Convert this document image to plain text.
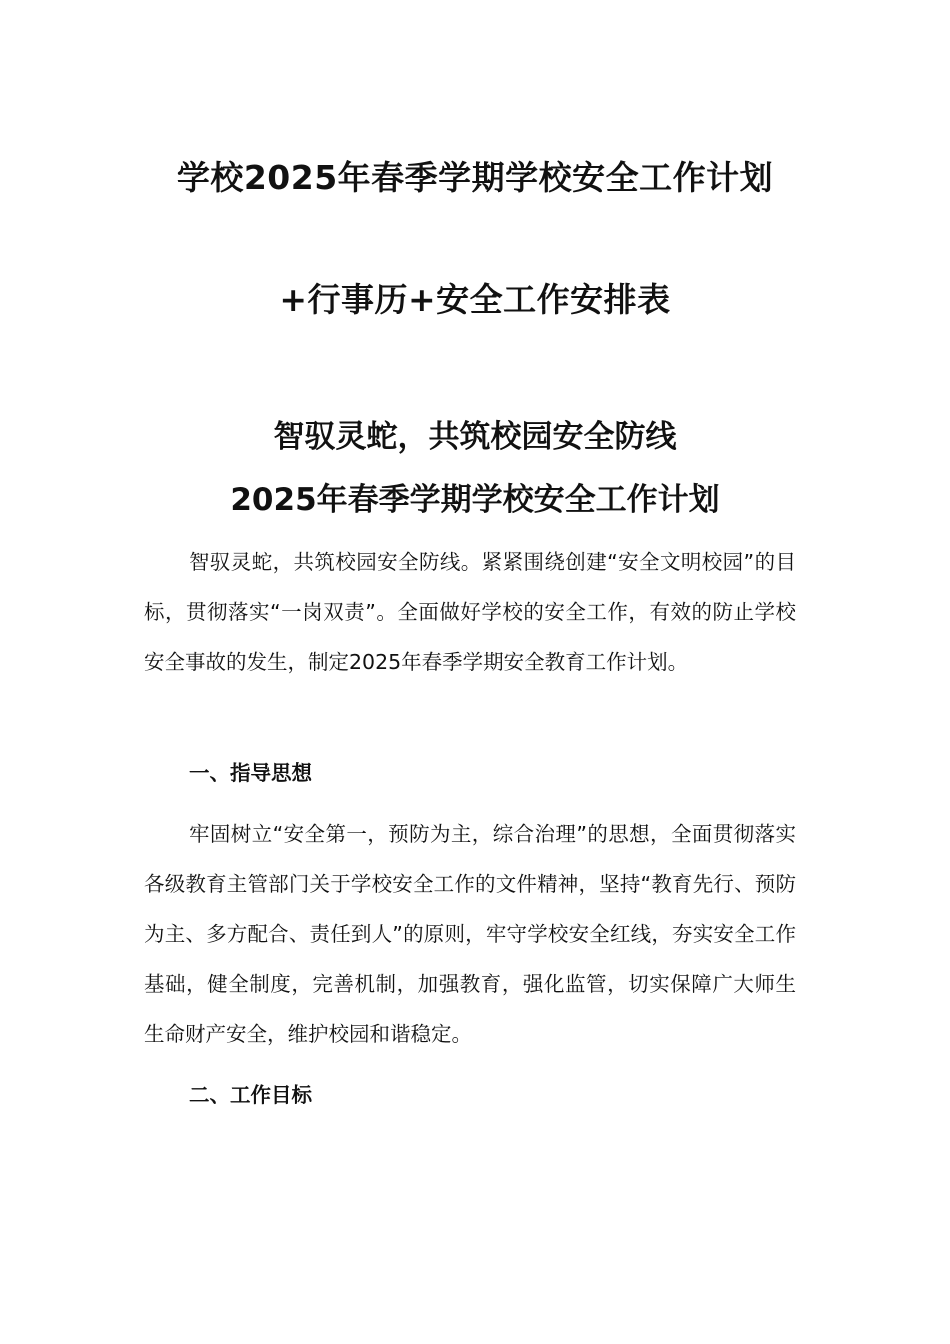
学校2025年春季学期学校安全工作计划
+行事历+安全工作安排表
智驭灵蛇，共筑校园安全防线
2025年春季学期学校安全工作计划

智驭灵蛇，共筑校园安全防线。紧紧围绕创建“安全文明校园”的目标，贯彻落实“一岗双责”。全面做好学校的安全工作，有效的防止学校安全事故的发生，制定2025年春季学期安全教育工作计划。

一、指导思想

牢固树立“安全第一，预防为主，综合治理”的思想，全面贯彻落实各级教育主管部门关于学校安全工作的文件精神，坚持“教育先行、预防为主、多方配合、责任到人”的原则，牢守学校安全红线，夯实安全工作基础，健全制度，完善机制，加强教育，强化监管，切实保障广大师生生命财产安全，维护校园和谐稳定。

二、工作目标
